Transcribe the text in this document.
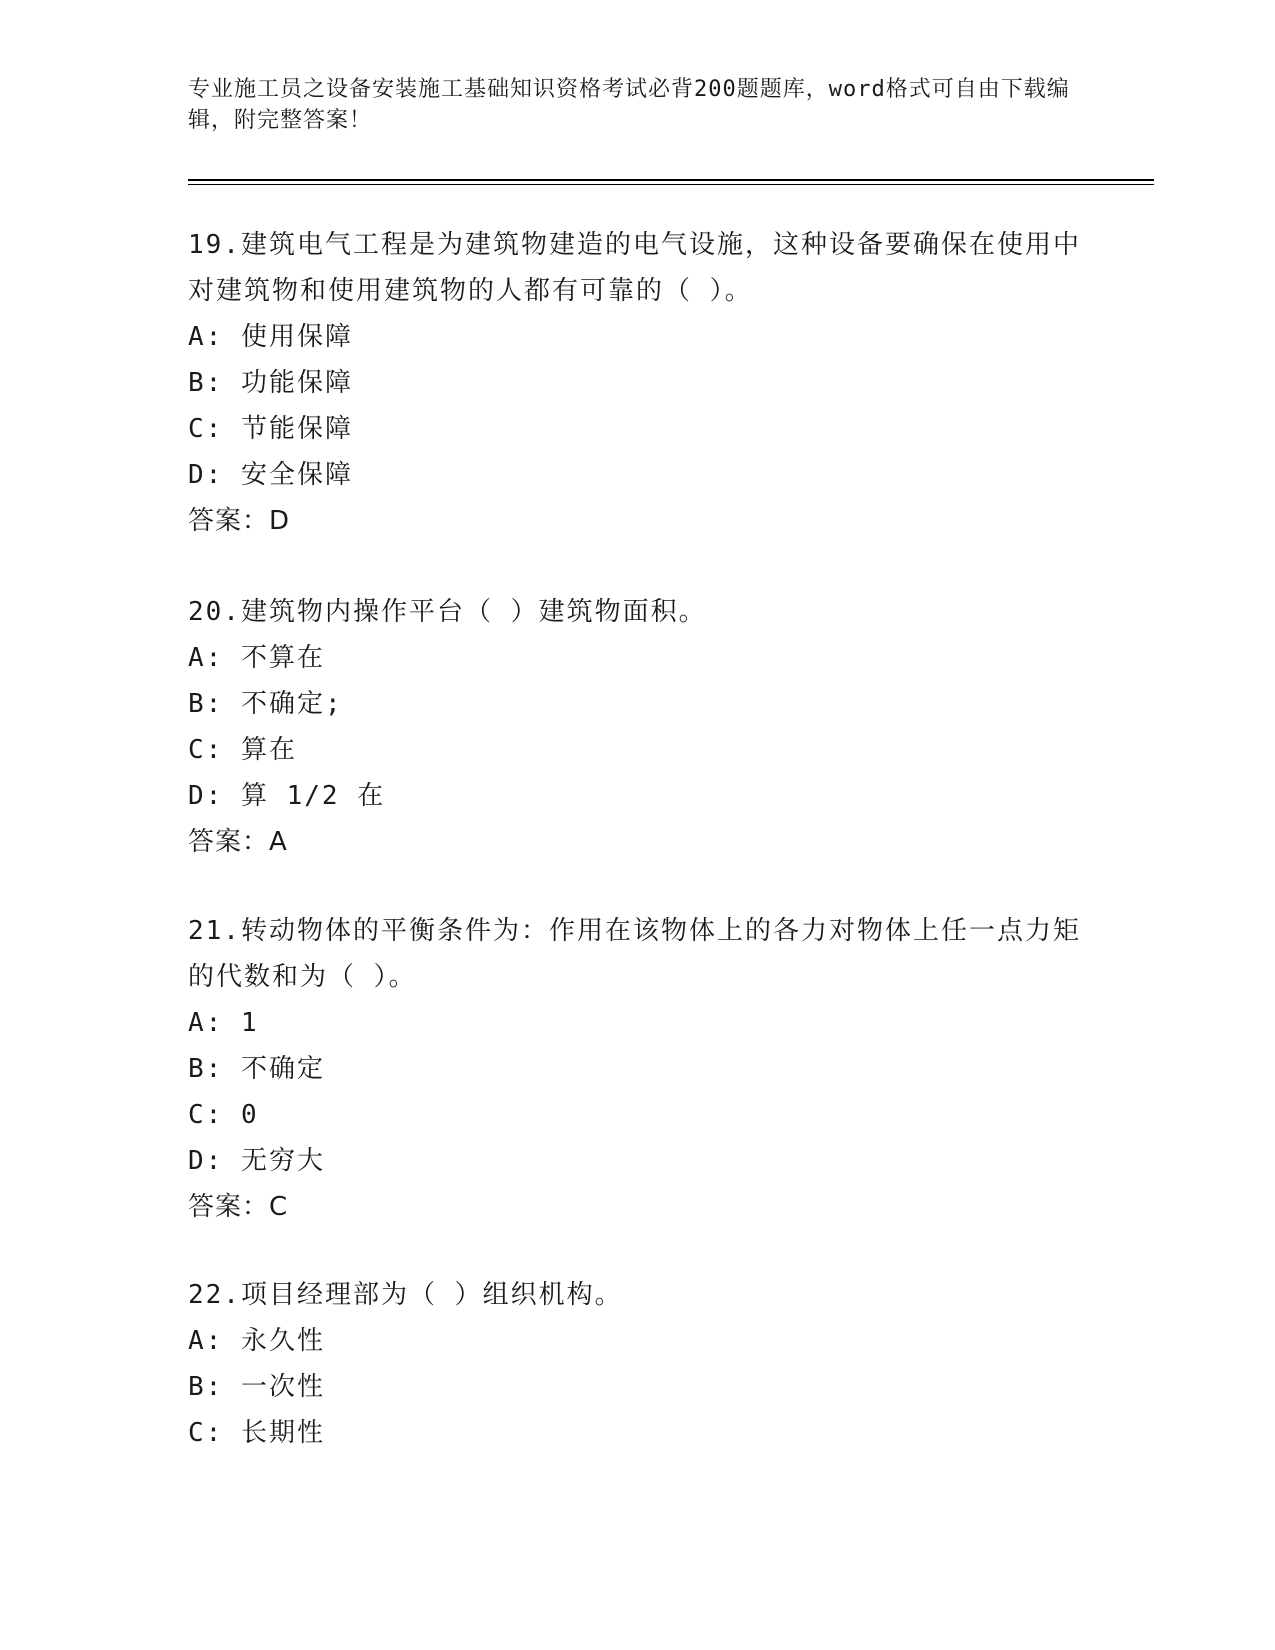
专业施工员之设备安装施工基础知识资格考试必背200题题库，word格式可自由下载编辑，附完整答案！

19.建筑电气工程是为建筑物建造的电气设施，这种设备要确保在使用中对建筑物和使用建筑物的人都有可靠的（ ）。

A: 使用保障

B: 功能保障

C: 节能保障

D: 安全保障

答案：D

20.建筑物内操作平台（ ）建筑物面积。

A: 不算在

B: 不确定;

C: 算在

D: 算 1/2 在

答案：A

21.转动物体的平衡条件为：作用在该物体上的各力对物体上任一点力矩的代数和为（ ）。

A: 1

B: 不确定

C: 0

D: 无穷大

答案：C

22.项目经理部为（ ）组织机构。

A: 永久性

B: 一次性

C: 长期性
